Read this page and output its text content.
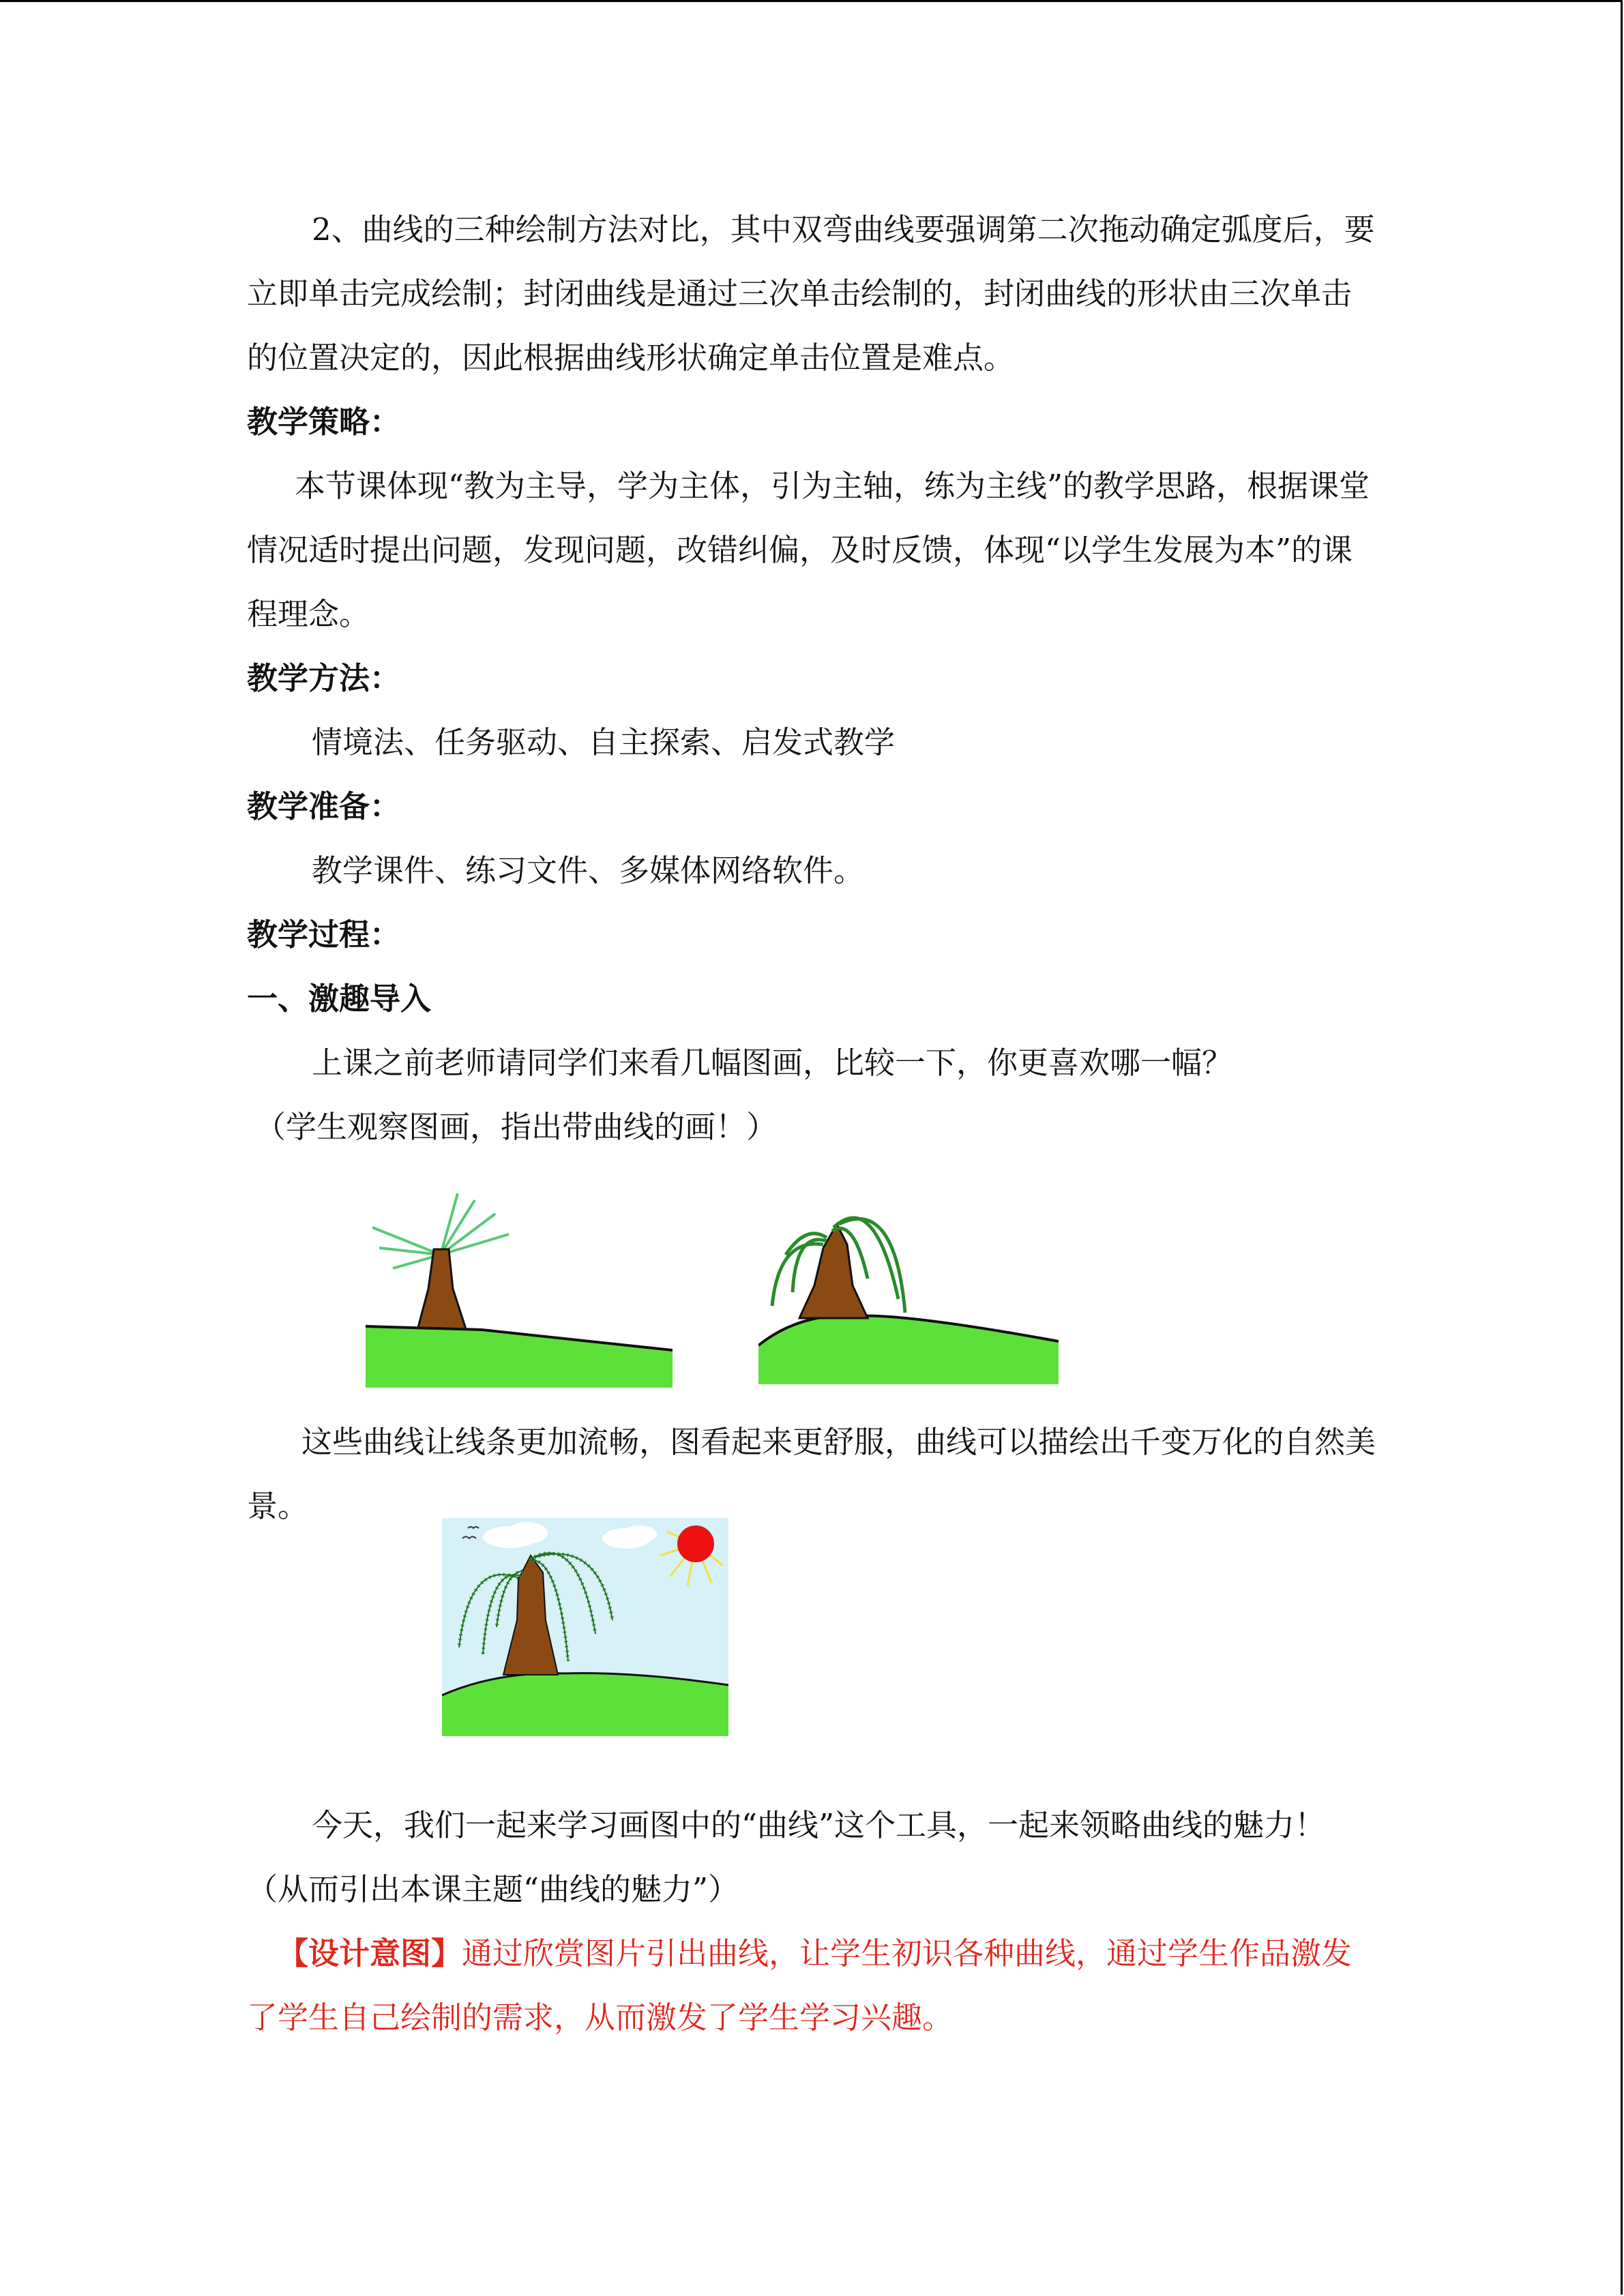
2、曲线的三种绘制方法对比，其中双弯曲线要强调第二次拖动确定弧度后，要立即单击完成绘制；封闭曲线是通过三次单击绘制的，封闭曲线的形状由三次单击的位置决定的，因此根据曲线形状确定单击位置是难点。

教学策略：

本节课体现“教为主导，学为主体，引为主轴，练为主线”的教学思路，根据课堂情况适时提出问题，发现问题，改错纠偏，及时反馈，体现“以学生发展为本”的课程理念。

教学方法：

情境法、任务驱动、自主探索、启发式教学

教学准备：

教学课件、练习文件、多媒体网络软件。

教学过程：

一、激趣导入

上课之前老师请同学们来看几幅图画，比较一下，你更喜欢哪一幅？

（学生观察图画，指出带曲线的画！）

这些曲线让线条更加流畅，图看起来更舒服，曲线可以描绘出千变万化的自然美景。

今天，我们一起来学习画图中的“曲线”这个工具，一起来领略曲线的魅力！（从而引出本课主题“曲线的魅力”）

【设计意图】通过欣赏图片引出曲线，让学生初识各种曲线，通过学生作品激发了学生自己绘制的需求，从而激发了学生学习兴趣。
